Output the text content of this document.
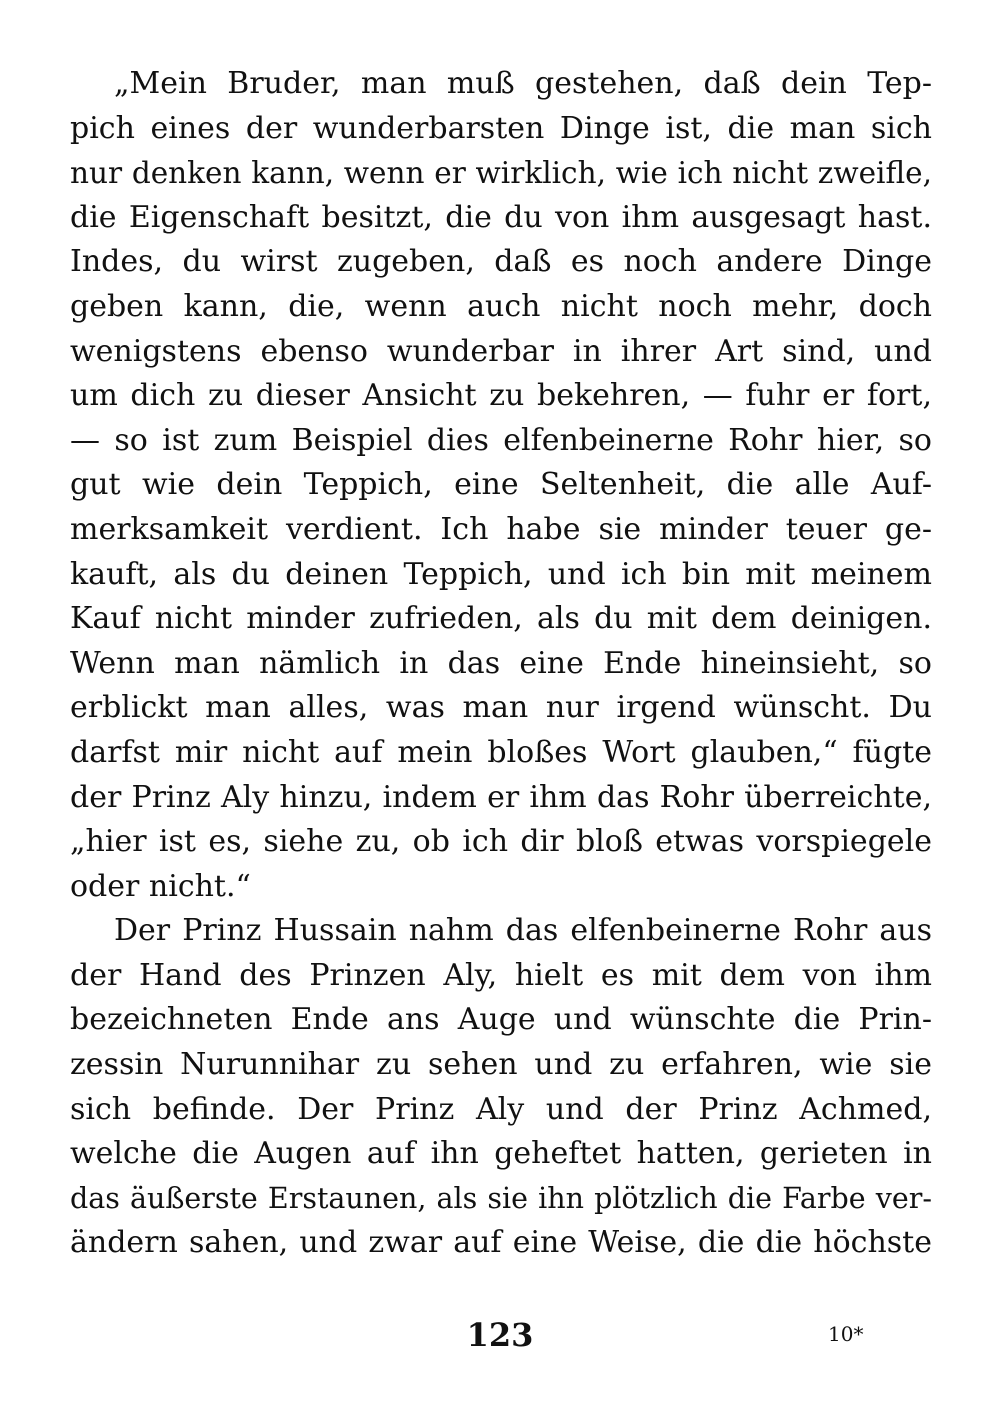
„Mein Bruder, man muß gestehen, daß dein Tep-
pich eines der wunderbarsten Dinge ist, die man sich
nur denken kann, wenn er wirklich, wie ich nicht zweifle,
die Eigenschaft besitzt, die du von ihm ausgesagt hast.
Indes, du wirst zugeben, daß es noch andere Dinge
geben kann, die, wenn auch nicht noch mehr, doch
wenigstens ebenso wunderbar in ihrer Art sind, und
um dich zu dieser Ansicht zu bekehren, — fuhr er fort,
— so ist zum Beispiel dies elfenbeinerne Rohr hier, so
gut wie dein Teppich, eine Seltenheit, die alle Auf-
merksamkeit verdient. Ich habe sie minder teuer ge-
kauft, als du deinen Teppich, und ich bin mit meinem
Kauf nicht minder zufrieden, als du mit dem deinigen.
Wenn man nämlich in das eine Ende hineinsieht, so
erblickt man alles, was man nur irgend wünscht. Du
darfst mir nicht auf mein bloßes Wort glauben,“ fügte
der Prinz Aly hinzu, indem er ihm das Rohr überreichte,
„hier ist es, siehe zu, ob ich dir bloß etwas vorspiegele
oder nicht.“
Der Prinz Hussain nahm das elfenbeinerne Rohr aus
der Hand des Prinzen Aly, hielt es mit dem von ihm
bezeichneten Ende ans Auge und wünschte die Prin-
zessin Nurunnihar zu sehen und zu erfahren, wie sie
sich befinde. Der Prinz Aly und der Prinz Achmed,
welche die Augen auf ihn geheftet hatten, gerieten in
das äußerste Erstaunen, als sie ihn plötzlich die Farbe ver-
ändern sahen, und zwar auf eine Weise, die die höchste
123	10*
